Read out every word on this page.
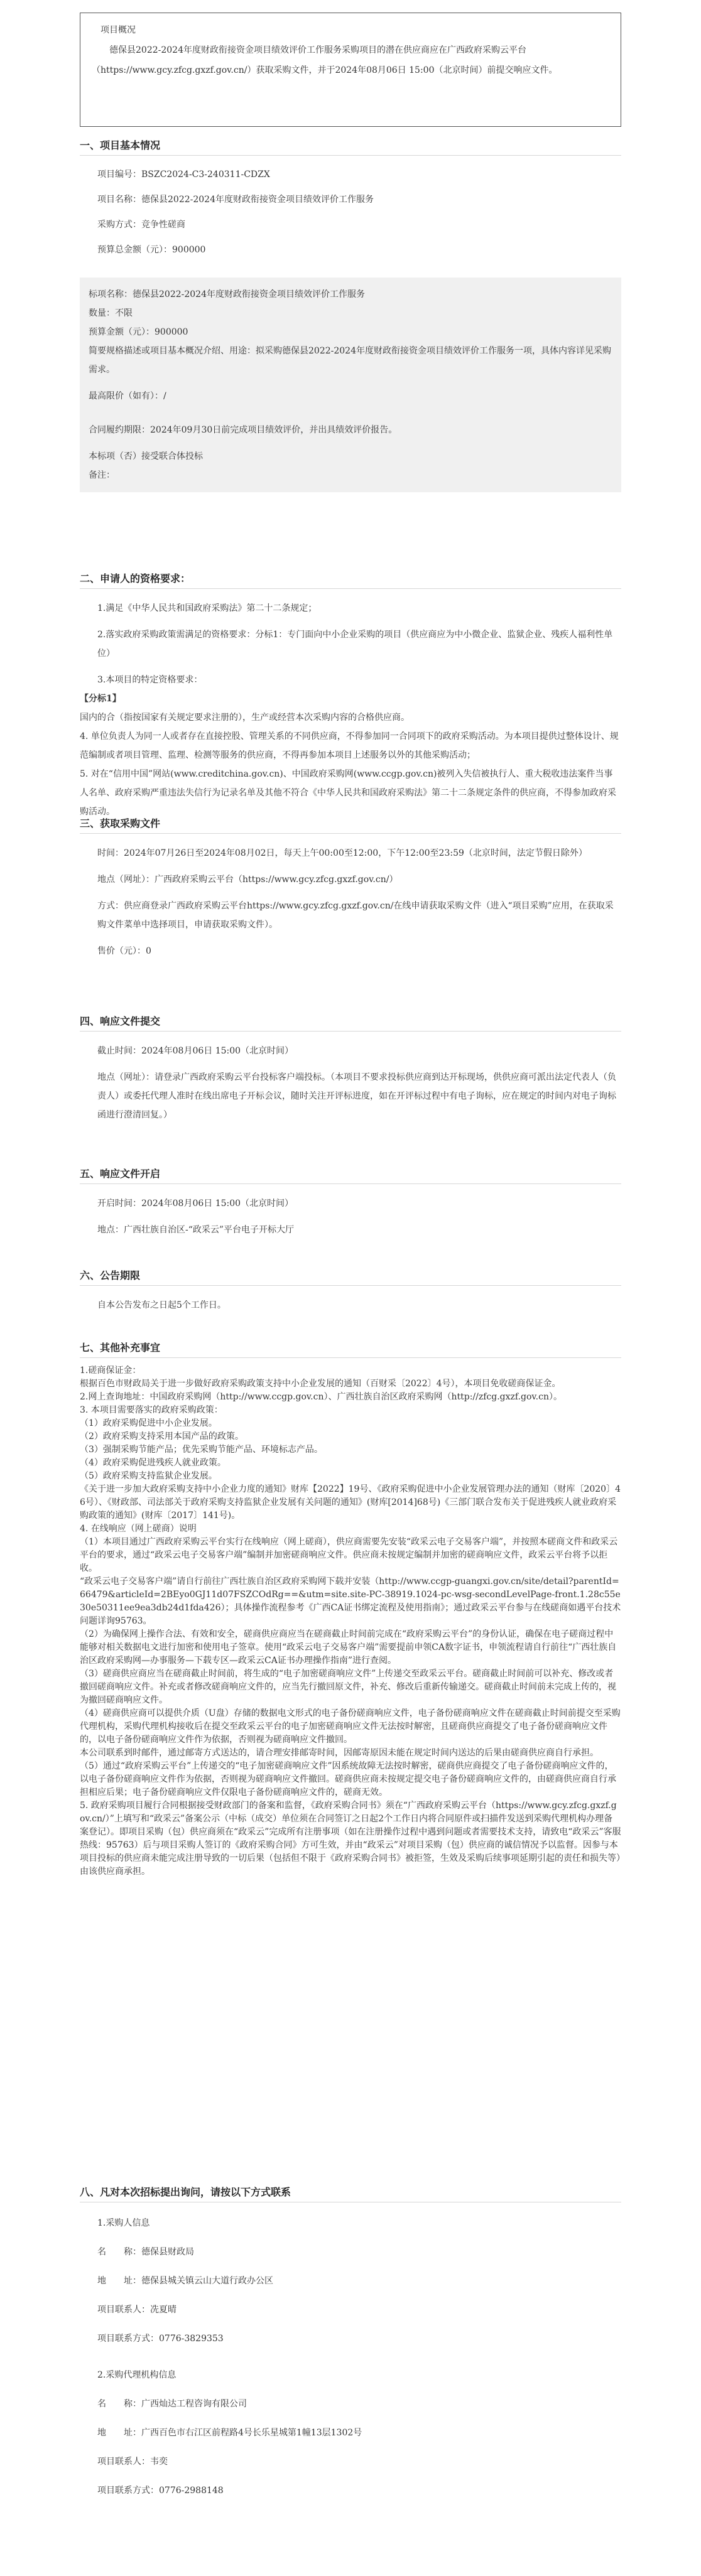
项目概况

德保县2022-2024年度财政衔接资金项目绩效评价工作服务采购项目的潜在供应商应在广西政府采购云平台（https://www.gcy.zfcg.gxzf.gov.cn/）获取采购文件，并于2024年08月06日 15:00（北京时间）前提交响应文件。

一、项目基本情况

项目编号：BSZC2024-C3-240311-CDZX

项目名称：德保县2022-2024年度财政衔接资金项目绩效评价工作服务

采购方式：竞争性磋商

预算总金额（元）：900000

标项名称：德保县2022-2024年度财政衔接资金项目绩效评价工作服务

数量：不限

预算金额（元）：900000

简要规格描述或项目基本概况介绍、用途：拟采购德保县2022-2024年度财政衔接资金项目绩效评价工作服务一项，具体内容详见采购需求。

最高限价（如有）：/

合同履约期限：2024年09月30日前完成项目绩效评价，并出具绩效评价报告。

本标项（否）接受联合体投标

备注：

二、申请人的资格要求：

1.满足《中华人民共和国政府采购法》第二十二条规定；

2.落实政府采购政策需满足的资格要求：分标1：专门面向中小企业采购的项目（供应商应为中小微企业、监狱企业、残疾人福利性单位）

3.本项目的特定资格要求：

【分标1】

国内的合（指按国家有关规定要求注册的），生产或经营本次采购内容的合格供应商。

4. 单位负责人为同一人或者存在直接控股、管理关系的不同供应商，不得参加同一合同项下的政府采购活动。为本项目提供过整体设计、规范编制或者项目管理、监理、检测等服务的供应商，不得再参加本项目上述服务以外的其他采购活动；

5. 对在“信用中国”网站(www.creditchina.gov.cn)、中国政府采购网(www.ccgp.gov.cn)被列入失信被执行人、重大税收违法案件当事人名单、政府采购严重违法失信行为记录名单及其他不符合《中华人民共和国政府采购法》第二十二条规定条件的供应商，不得参加政府采购活动。

三、获取采购文件

时间：2024年07月26日至2024年08月02日，每天上午00:00至12:00，下午12:00至23:59（北京时间，法定节假日除外）

地点（网址）：广西政府采购云平台（https://www.gcy.zfcg.gxzf.gov.cn/）

方式：供应商登录广西政府采购云平台https://www.gcy.zfcg.gxzf.gov.cn/在线申请获取采购文件（进入“项目采购”应用，在获取采购文件菜单中选择项目，申请获取采购文件）。

售价（元）：0

四、响应文件提交

截止时间：2024年08月06日 15:00（北京时间）

地点（网址）：请登录广西政府采购云平台投标客户端投标。（本项目不要求投标供应商到达开标现场，供供应商可派出法定代表人（负责人）或委托代理人准时在线出席电子开标会议，随时关注开评标进度，如在开评标过程中有电子询标，应在规定的时间内对电子询标函进行澄清回复。）

五、响应文件开启

开启时间：2024年08月06日 15:00（北京时间）

地点：广西壮族自治区-“政采云”平台电子开标大厅

六、公告期限

自本公告发布之日起5个工作日。

七、其他补充事宜

1.磋商保证金：

根据百色市财政局关于进一步做好政府采购政策支持中小企业发展的通知（百财采〔2022〕4号），本项目免收磋商保证金。

2.网上查询地址：中国政府采购网（http://www.ccgp.gov.cn）、广西壮族自治区政府采购网（http://zfcg.gxzf.gov.cn）。

3. 本项目需要落实的政府采购政策：

（1）政府采购促进中小企业发展。

（2）政府采购支持采用本国产品的政策。

（3）强制采购节能产品；优先采购节能产品、环境标志产品。

（4）政府采购促进残疾人就业政策。

（5）政府采购支持监狱企业发展。

《关于进一步加大政府采购支持中小企业力度的通知》财库【2022】19号、《政府采购促进中小企业发展管理办法的通知（财库〔2020〕46号）、《财政部、司法部关于政府采购支持监狱企业发展有关问题的通知》(财库[2014]68号)《三部门联合发布关于促进残疾人就业政府采购政策的通知》(财库〔2017〕141号)。

4. 在线响应（网上磋商）说明

（1）本项目通过广西政府采购云平台实行在线响应（网上磋商），供应商需要先安装“政采云电子交易客户端”，并按照本磋商文件和政采云平台的要求，通过“政采云电子交易客户端”编制并加密磋商响应文件。供应商未按规定编制并加密的磋商响应文件，政采云平台将予以拒收。

“政采云电子交易客户端”请自行前往广西壮族自治区政府采购网下载并安装（http://www.ccgp-guangxi.gov.cn/site/detail?parentId=66479&articleId=2BEyo0GJ11d07FSZCOdRg==&utm=site.site-PC-38919.1024-pc-wsg-secondLevelPage-front.1.28c55e30e50311ee9ea3db24d1fda426）；具体操作流程参考《广西CA证书绑定流程及使用指南》；通过政采云平台参与在线磋商如遇平台技术问题详询95763。

（2）为确保网上操作合法、有效和安全，磋商供应商应当在磋商截止时间前完成在“政府采购云平台”的身份认证，确保在电子磋商过程中能够对相关数据电文进行加密和使用电子签章。使用“政采云电子交易客户端”需要提前申领CA数字证书，申领流程请自行前往“广西壮族自治区政府采购网—办事服务—下载专区—政采云CA证书办理操作指南”进行查阅。

（3）磋商供应商应当在磋商截止时间前，将生成的“电子加密磋商响应文件”上传递交至政采云平台。磋商截止时间前可以补充、修改或者撤回磋商响应文件。补充或者修改磋商响应文件的，应当先行撤回原文件，补充、修改后重新传输递交。磋商截止时间前未完成上传的，视为撤回磋商响应文件。

（4）磋商供应商可以提供介质（U盘）存储的数据电文形式的电子备份磋商响应文件，电子备份磋商响应文件在磋商截止时间前提交至采购代理机构，采购代理机构接收后在提交至政采云平台的电子加密磋商响应文件无法按时解密，且磋商供应商提交了电子备份磋商响应文件的，以电子备份磋商响应文件作为依据，否则视为磋商响应文件撤回。

本公司联系到时邮件，通过邮寄方式送达的，请合理安排邮寄时间，因邮寄原因未能在规定时间内送达的后果由磋商供应商自行承担。

（5）通过“政府采购云平台”上传递交的“电子加密磋商响应文件”因系统故障无法按时解密，磋商供应商提交了电子备份磋商响应文件的，以电子备份磋商响应文件作为依据，否则视为磋商响应文件撤回。磋商供应商未按规定提交电子备份磋商响应文件的，由磋商供应商自行承担相应后果；电子备份磋商响应文件仅限电子备份磋商响应文件的，磋商无效。

5. 政府采购项目履行合同根据接受财政部门的备案和监督，《政府采购合同书》须在“广西政府采购云平台（https://www.gcy.zfcg.gxzf.gov.cn/）”上填写和“政采云”备案公示（中标（成交）单位须在合同签订之日起2个工作日内将合同原件或扫描件发送到采购代理机构办理备案登记）。即项目采购（包）供应商须在“政采云”完成所有注册事项（如在注册操作过程中遇到问题或者需要技术支持，请致电“政采云”客服热线：95763）后与项目采购人签订的《政府采购合同》方可生效，并由“政采云”对项目采购（包）供应商的诚信情况予以监督。因参与本项目投标的供应商未能完成注册导致的一切后果（包括但不限于《政府采购合同书》被拒签，生效及采购后续事项延期引起的责任和损失等）由该供应商承担。

八、凡对本次招标提出询问，请按以下方式联系

1.采购人信息

名　　称：德保县财政局

地　　址：德保县城关镇云山大道行政办公区

项目联系人：冼夏晴

项目联系方式：0776-3829353

2.采购代理机构信息

名　　称：广西灿达工程咨询有限公司

地　　址：广西百色市右江区前程路4号长乐星城第1幢13层1302号

项目联系人：韦奕

项目联系方式：0776-2988148
